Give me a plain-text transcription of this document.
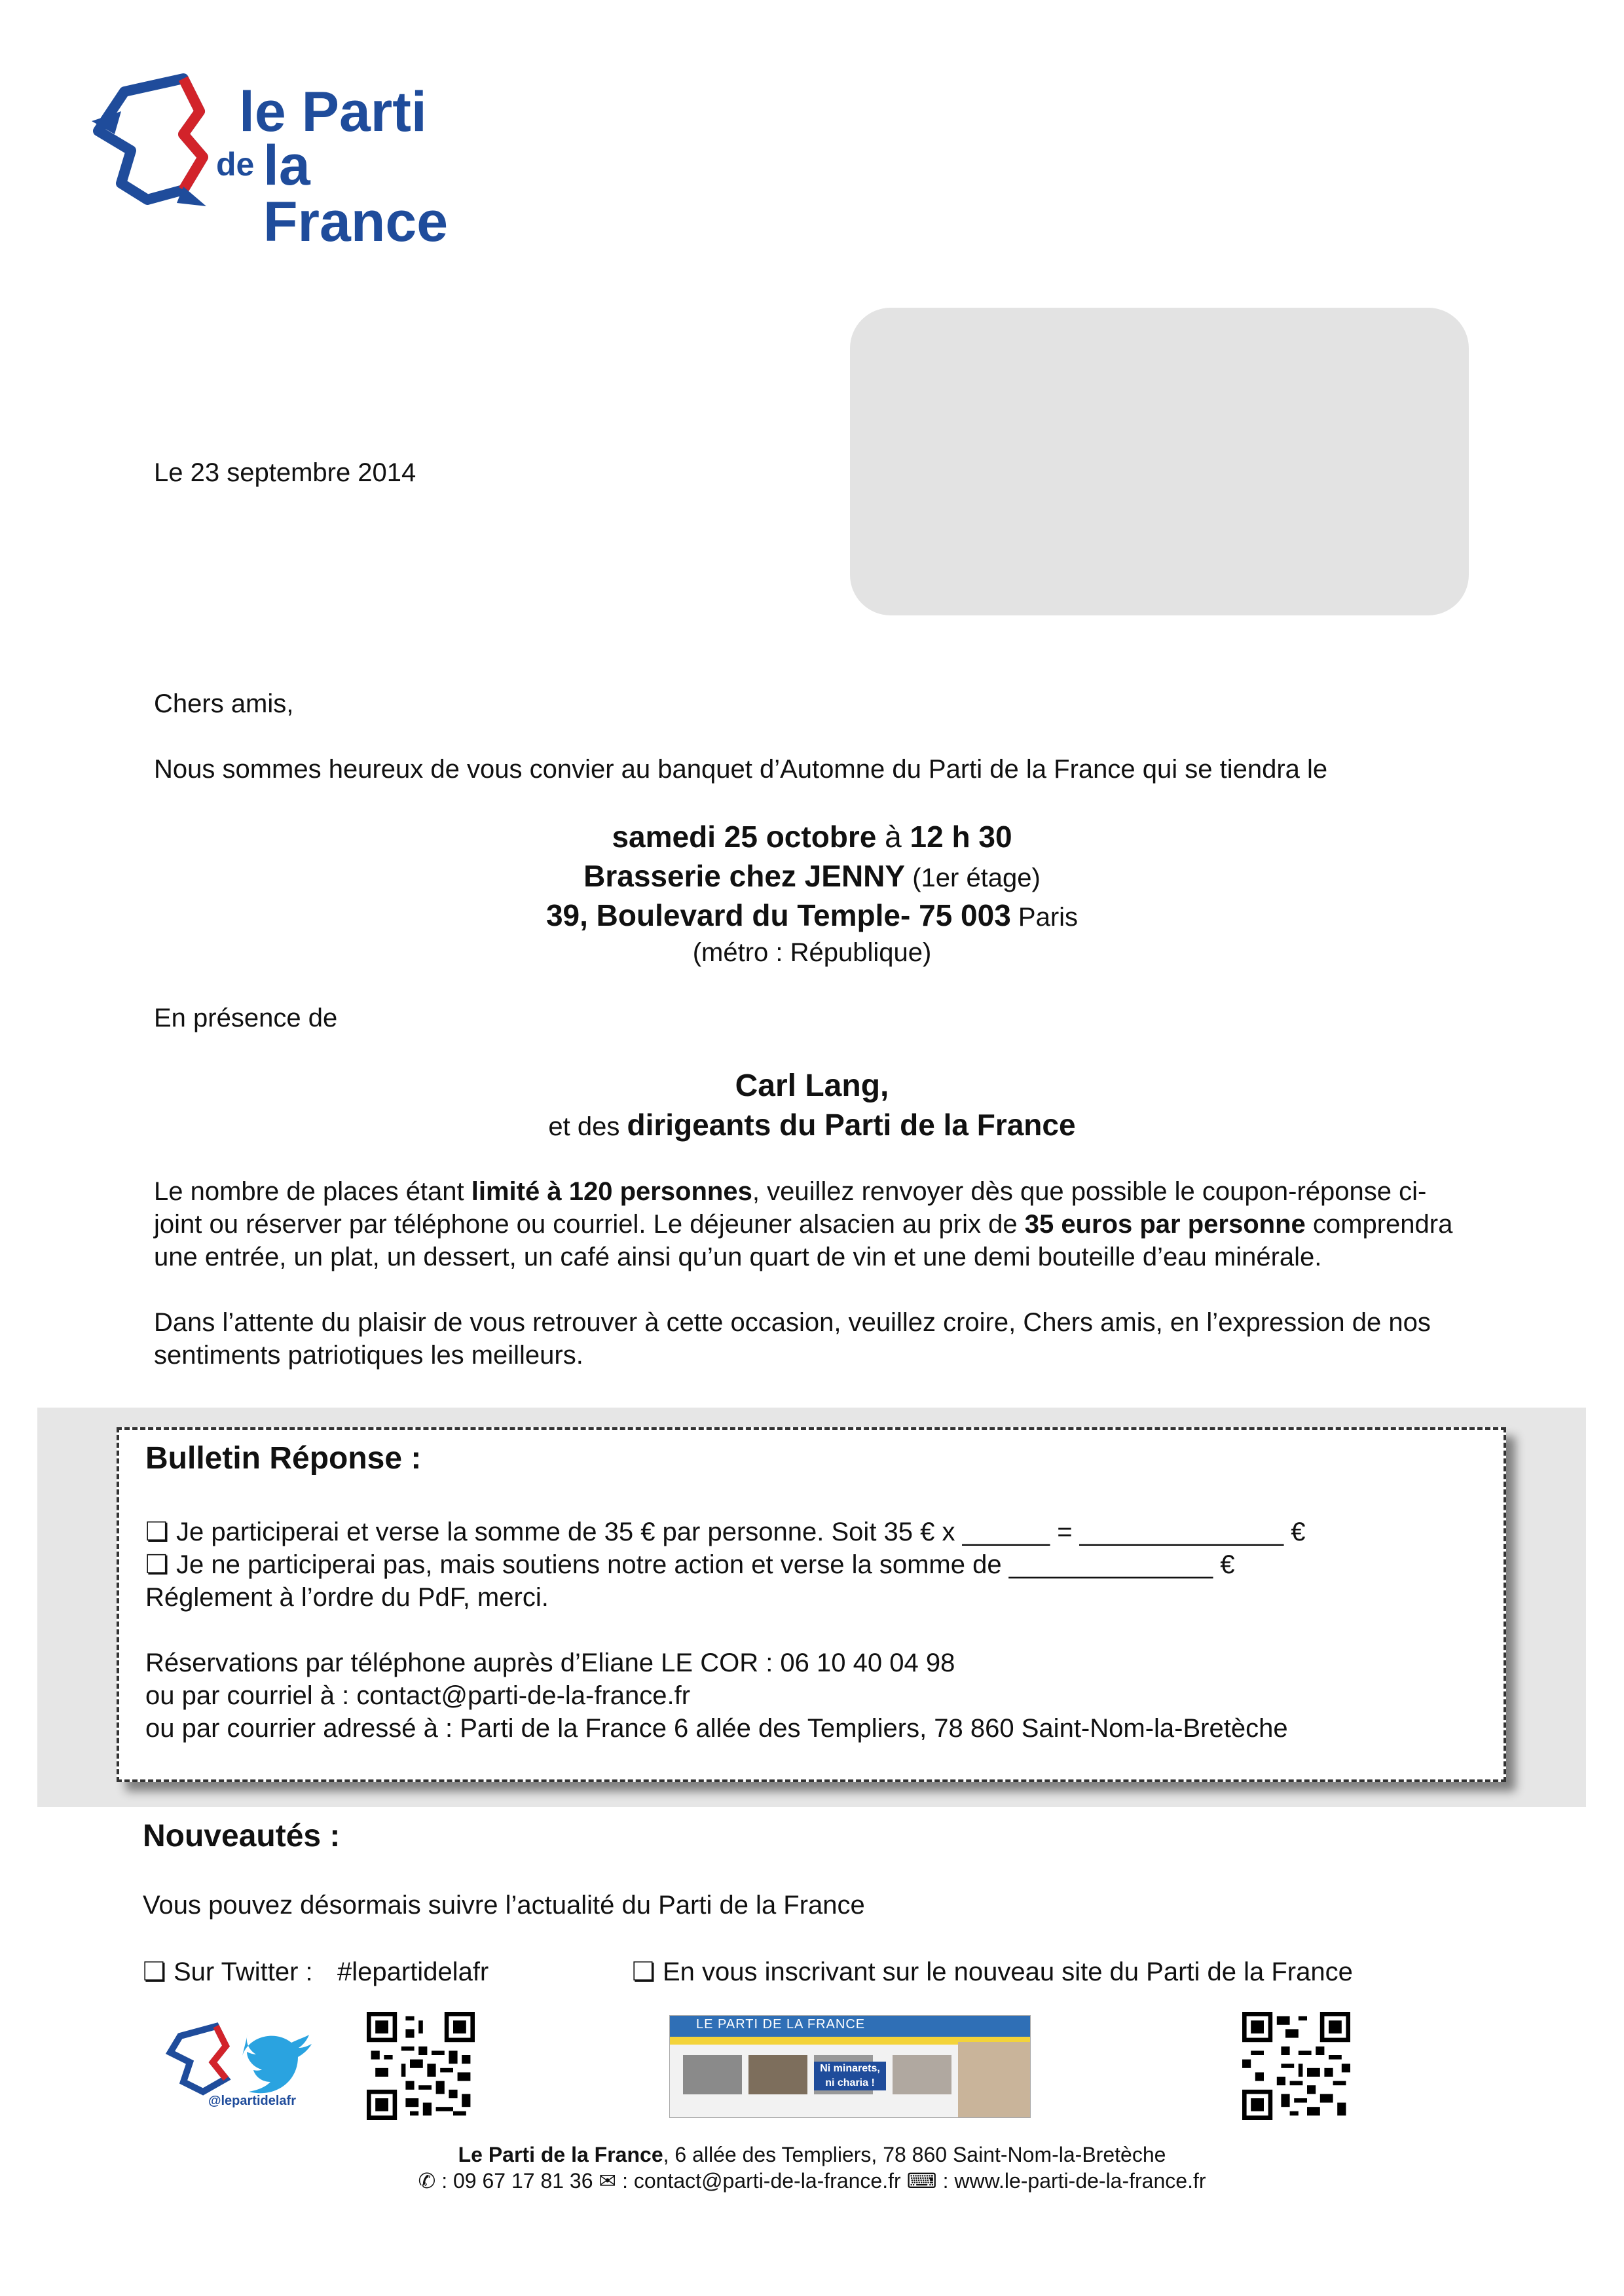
le Parti
de la France
Le 23 septembre 2014
Chers amis,
Nous sommes heureux de vous convier au banquet d’Automne du Parti de la France qui se tiendra le
samedi 25 octobre à 12 h 30
Brasserie chez JENNY (1er étage)
39, Boulevard du Temple- 75 003 Paris
(métro : République)
En présence de
Carl Lang,
et des dirigeants du Parti de la France
Le nombre de places étant limité à 120 personnes, veuillez renvoyer dès que possible le coupon-réponse ci-
joint ou réserver par téléphone ou courriel. Le déjeuner alsacien au prix de 35 euros par personne comprendra
une entrée, un plat, un dessert, un café ainsi qu’un quart de vin et une demi bouteille d’eau minérale.
Dans l’attente du plaisir de vous retrouver à cette occasion, veuillez croire, Chers amis, en l’expression de nos
sentiments patriotiques les meilleurs.
Bulletin Réponse :
❏ Je participerai et verse la somme de 35 € par personne. Soit 35 € x ______ = ______________ €
❏ Je ne participerai pas, mais soutiens notre action et verse la somme de ______________ €
Réglement à l’ordre du PdF, merci.
Réservations par téléphone auprès d’Eliane LE COR : 06 10 40 04 98
ou par courriel à : contact@parti-de-la-france.fr
ou par courrier adressé à : Parti de la France 6 allée des Templiers, 78 860 Saint-Nom-la-Bretèche
Nouveautés :
Vous pouvez désormais suivre l’actualité du Parti de la France
❏ Sur Twitter : #lepartidelafr	❏ En vous inscrivant sur le nouveau site du Parti de la France
@lepartidelafr
LE PARTI DE LA FRANCE
Ni minarets, ni charia !
Le Parti de la France, 6 allée des Templiers, 78 860 Saint-Nom-la-Bretèche
✆ : 09 67 17 81 36 ✉ : contact@parti-de-la-france.fr ⌨ : www.le-parti-de-la-france.fr
